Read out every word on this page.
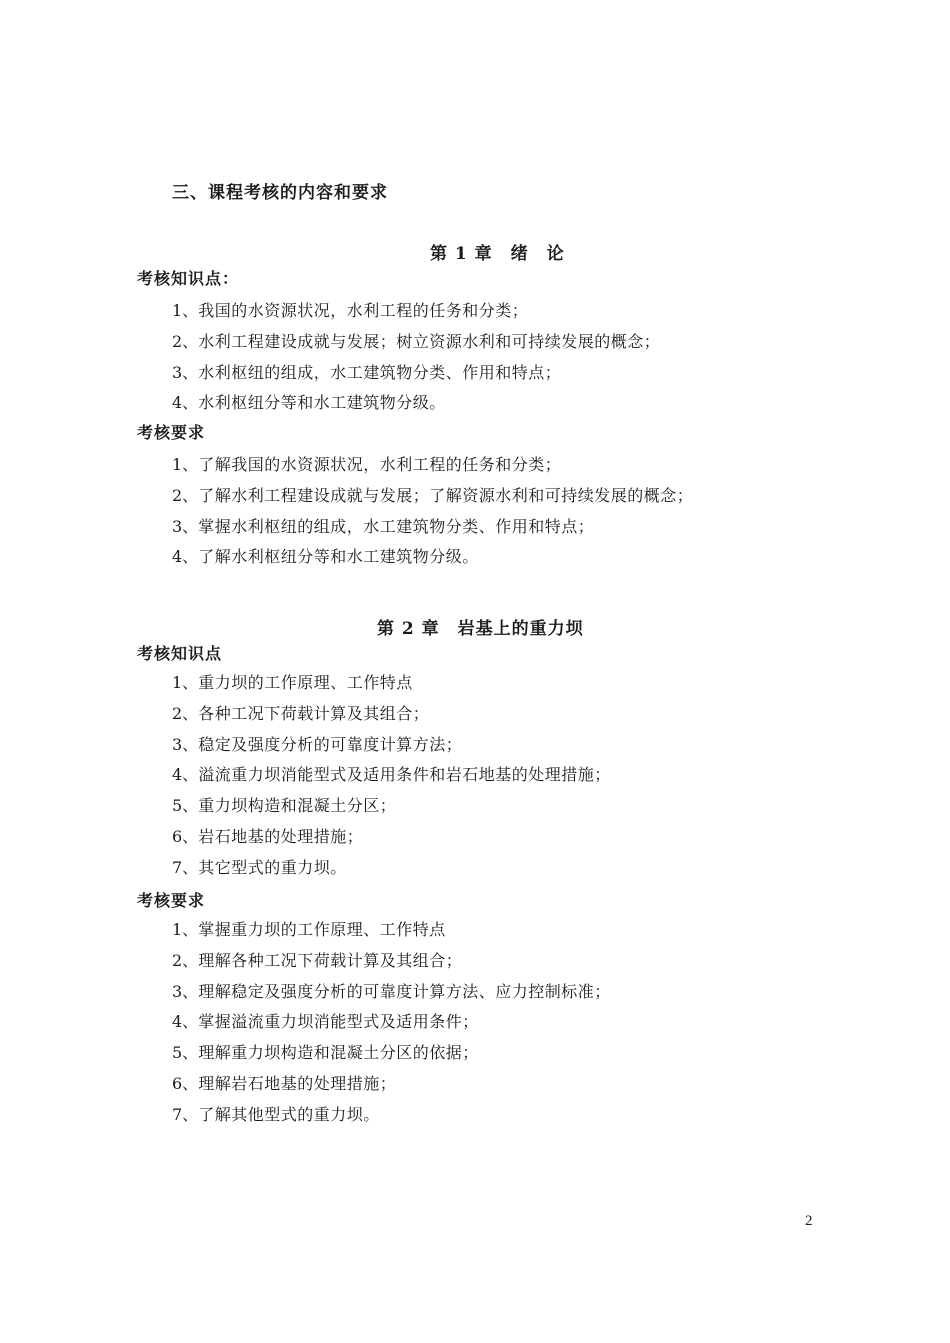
三、课程考核的内容和要求
第 1 章　绪　论
考核知识点：
1、我国的水资源状况，水利工程的任务和分类；
2、水利工程建设成就与发展；树立资源水利和可持续发展的概念；
3、水利枢纽的组成，水工建筑物分类、作用和特点；
4、水利枢纽分等和水工建筑物分级。
考核要求
1、了解我国的水资源状况，水利工程的任务和分类；
2、了解水利工程建设成就与发展；了解资源水利和可持续发展的概念；
3、掌握水利枢纽的组成，水工建筑物分类、作用和特点；
4、了解水利枢纽分等和水工建筑物分级。
第 2 章　岩基上的重力坝
考核知识点
1、重力坝的工作原理、工作特点
2、各种工况下荷载计算及其组合；
3、稳定及强度分析的可靠度计算方法；
4、溢流重力坝消能型式及适用条件和岩石地基的处理措施；
5、重力坝构造和混凝土分区；
6、岩石地基的处理措施；
7、其它型式的重力坝。
考核要求
1、掌握重力坝的工作原理、工作特点
2、理解各种工况下荷载计算及其组合；
3、理解稳定及强度分析的可靠度计算方法、应力控制标准；
4、掌握溢流重力坝消能型式及适用条件；
5、理解重力坝构造和混凝土分区的依据；
6、理解岩石地基的处理措施；
7、了解其他型式的重力坝。
2
